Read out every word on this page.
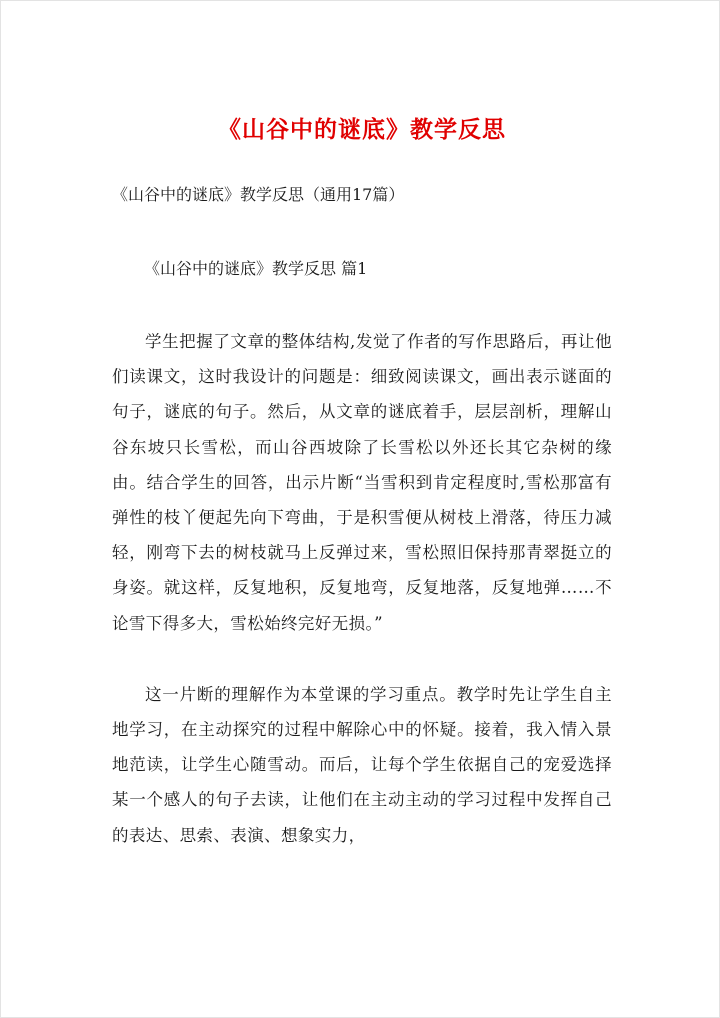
《山谷中的谜底》教学反思

《山谷中的谜底》教学反思（通用17篇）

《山谷中的谜底》教学反思 篇1

学生把握了文章的整体结构,发觉了作者的写作思路后，再让他们读课文，这时我设计的问题是：细致阅读课文，画出表示谜面的句子，谜底的句子。然后，从文章的谜底着手，层层剖析，理解山谷东坡只长雪松，而山谷西坡除了长雪松以外还长其它杂树的缘由。结合学生的回答，出示片断“当雪积到肯定程度时,雪松那富有弹性的枝丫便起先向下弯曲，于是积雪便从树枝上滑落，待压力减轻，刚弯下去的树枝就马上反弹过来，雪松照旧保持那青翠挺立的身姿。就这样，反复地积，反复地弯，反复地落，反复地弹……不论雪下得多大，雪松始终完好无损。”

这一片断的理解作为本堂课的学习重点。教学时先让学生自主地学习，在主动探究的过程中解除心中的怀疑。接着，我入情入景地范读，让学生心随雪动。而后，让每个学生依据自己的宠爱选择某一个感人的句子去读，让他们在主动主动的学习过程中发挥自己的表达、思索、表演、想象实力，
